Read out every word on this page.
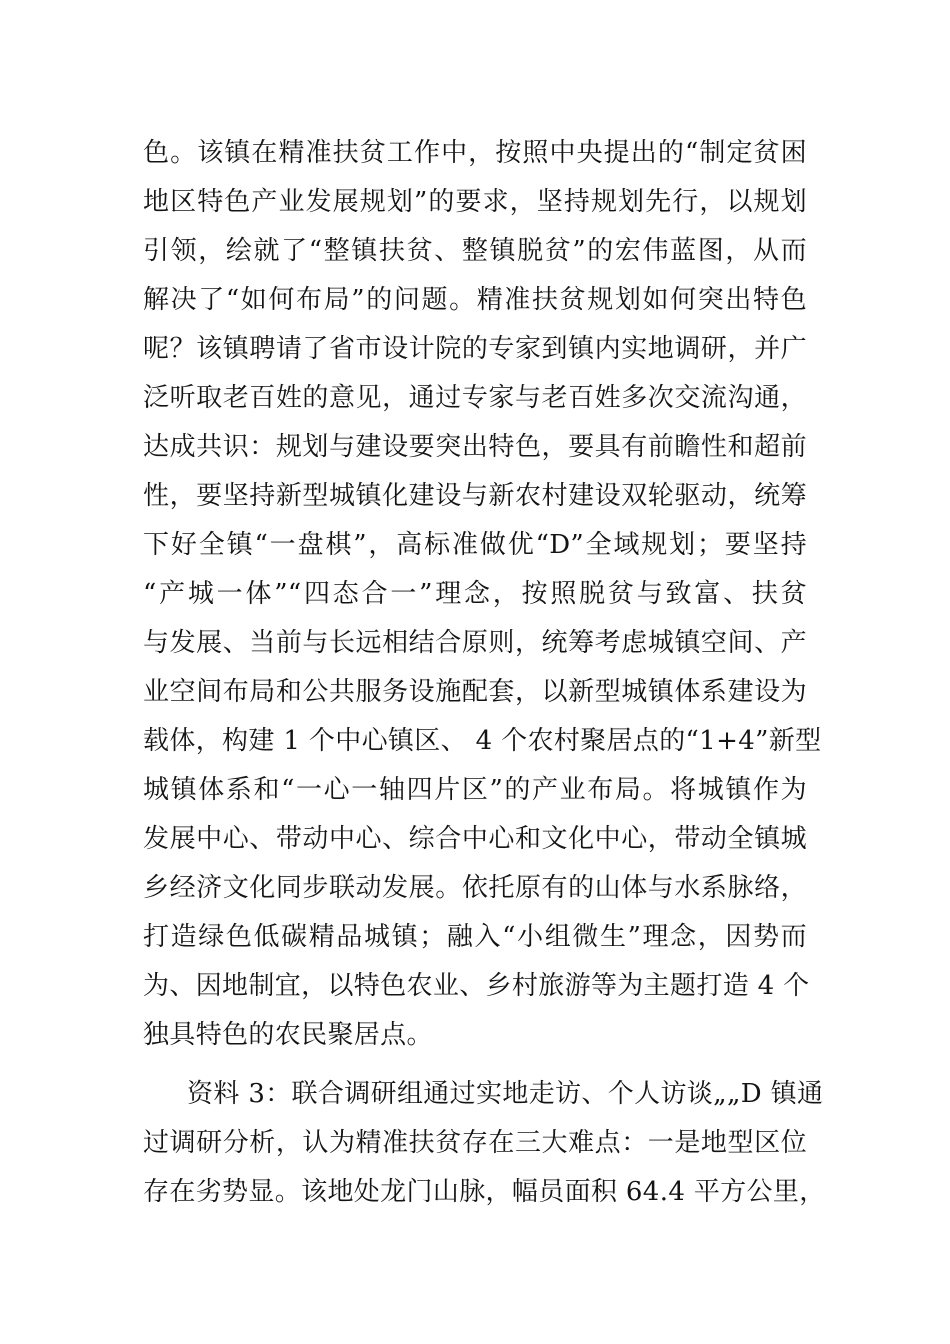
色。该镇在精准扶贫工作中，按照中央提出的“制定贫困
地区特色产业发展规划”的要求，坚持规划先行，以规划
引领，绘就了“整镇扶贫、整镇脱贫”的宏伟蓝图，从而
解决了“如何布局”的问题。精准扶贫规划如何突出特色
呢？该镇聘请了省市设计院的专家到镇内实地调研，并广
泛听取老百姓的意见，通过专家与老百姓多次交流沟通，
达成共识：规划与建设要突出特色，要具有前瞻性和超前
性，要坚持新型城镇化建设与新农村建设双轮驱动，统筹
下好全镇“一盘棋”，高标准做优“D”全域规划；要坚持
“产城一体”“四态合一”理念，按照脱贫与致富、扶贫
与发展、当前与长远相结合原则，统筹考虑城镇空间、产
业空间布局和公共服务设施配套，以新型城镇体系建设为
载体，构建 1 个中心镇区、 4 个农村聚居点的“1+4”新型
城镇体系和“一心一轴四片区”的产业布局。将城镇作为
发展中心、带动中心、综合中心和文化中心，带动全镇城
乡经济文化同步联动发展。依托原有的山体与水系脉络，
打造绿色低碳精品城镇；融入“小组微生”理念，因势而
为、因地制宜，以特色农业、乡村旅游等为主题打造 4 个
独具特色的农民聚居点。
资料 3：联合调研组通过实地走访、个人访谈„„D 镇通
过调研分析，认为精准扶贫存在三大难点：一是地型区位
存在劣势显。该地处龙门山脉，幅员面积 64.4 平方公里，
